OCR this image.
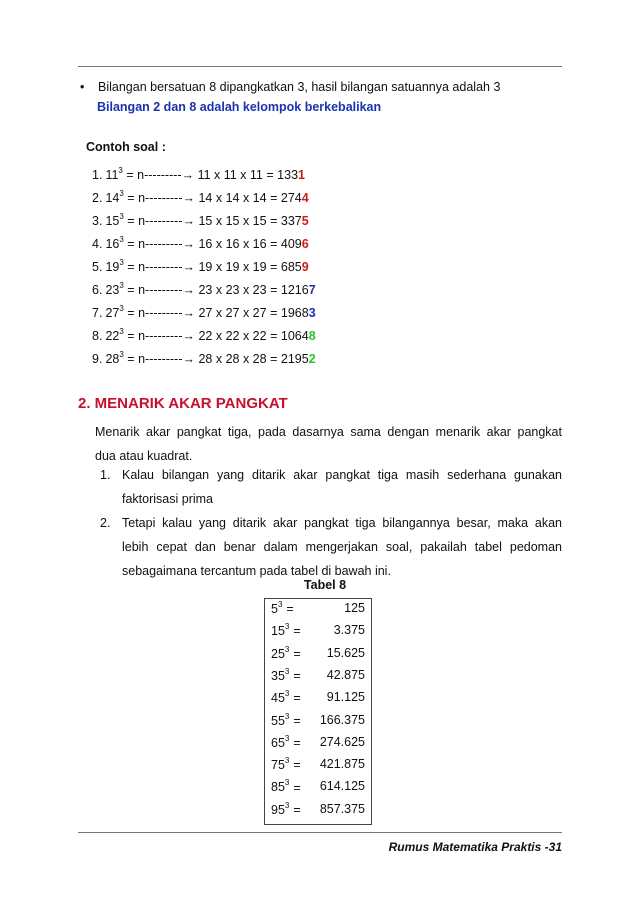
• Bilangan bersatuan 8 dipangkatkan 3, hasil bilangan satuannya adalah 3
Bilangan 2 dan 8 adalah kelompok berkebalikan
Contoh soal :
1. $11^3 = n---------\to 11$ x 11 x 11 = 1331
2. $14^3 = n---------\to 14$ x 14 x 14 = 2744
3. $15^3 = n---------\to 15$ x 15 x 15 = 3375
4. $16^3 = n---------\to 16$ x 16 x 16 = 4096
5. $19^3 = n---------\to 19$ x 19 x 19 = 6859
6. $23^3 = n---------\to 23$ x 23 x 23 = 12167
7. $27^3 = n---------\to 27$ x 27 x 27 = 19683
8. $22^3 = n---------\to 22$ x 22 x 22 = 10648
9. $28^3 = n---------\to 28$ x 28 x 28 = 21952
2. MENARIK AKAR PANGKAT
Menarik akar pangkat tiga, pada dasarnya sama dengan menarik akar pangkat
dua atau kuadrat.
1. Kalau bilangan yang ditarik akar pangkat tiga masih sederhana gunakan
faktorisasi prima
2. Tetapi kalau yang ditarik akar pangkat tiga bilangannya besar, maka akan
lebih cepat dan benar dalam mengerjakan soal, pakailah tabel pedoman
sebagaimana tercantum pada tabel di bawah ini.
Tabel 8
$5^3$ =	125
$15^3$ =	3.375
$25^3$ =	15.625
$35^3$ =	42.875
$45^3$ =	91.125
$55^3$ =	166.375
$65^3$ =	274.625
$75^3$ =	421.875
$85^3$ =	614.125
$95^3$ =	857.375
Rumus Matematika Praktis -31
